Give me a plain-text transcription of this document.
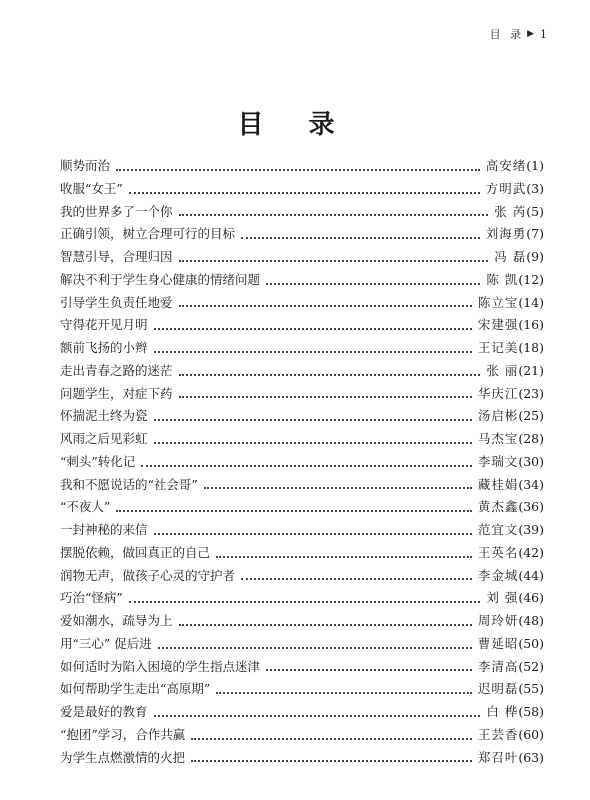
目 录 ▶ 1
目 录
顺势而治	高安绪 (1)
收服“女王”	方明武 (3)
我的世界多了一个你	张 芮 (5)
正确引领，树立合理可行的目标	刘海勇 (7)
智慧引导，合理归因	冯 磊 (9)
解决不利于学生身心健康的情绪问题	陈 凯 (12)
引导学生负责任地爱	陈立宝 (14)
守得花开见月明	宋建强 (16)
额前飞扬的小辫	王记美 (18)
走出青春之路的迷茫	张 丽 (21)
问题学生，对症下药	华庆江 (23)
怀揣泥土终为瓷	汤启彬 (25)
风雨之后见彩虹	马杰宝 (28)
“刺头”转化记	李瑞文 (30)
我和不愿说话的“社会哥”	藏桂娟 (34)
“不夜人”	黄杰鑫 (36)
一封神秘的来信	范宜文 (39)
摆脱依赖，做回真正的自己	王英名 (42)
润物无声，做孩子心灵的守护者	李金城 (44)
巧治“怪病”	刘 强 (46)
爱如潮水，疏导为上	周玲妍 (48)
用“三心” 促后进	曹延昭 (50)
如何适时为陷入困境的学生指点迷津	李清高 (52)
如何帮助学生走出“高原期”	迟明磊 (55)
爱是最好的教育	白 桦 (58)
“抱团”学习，合作共赢	王芸香 (60)
为学生点燃激情的火把	郑召叶 (63)
